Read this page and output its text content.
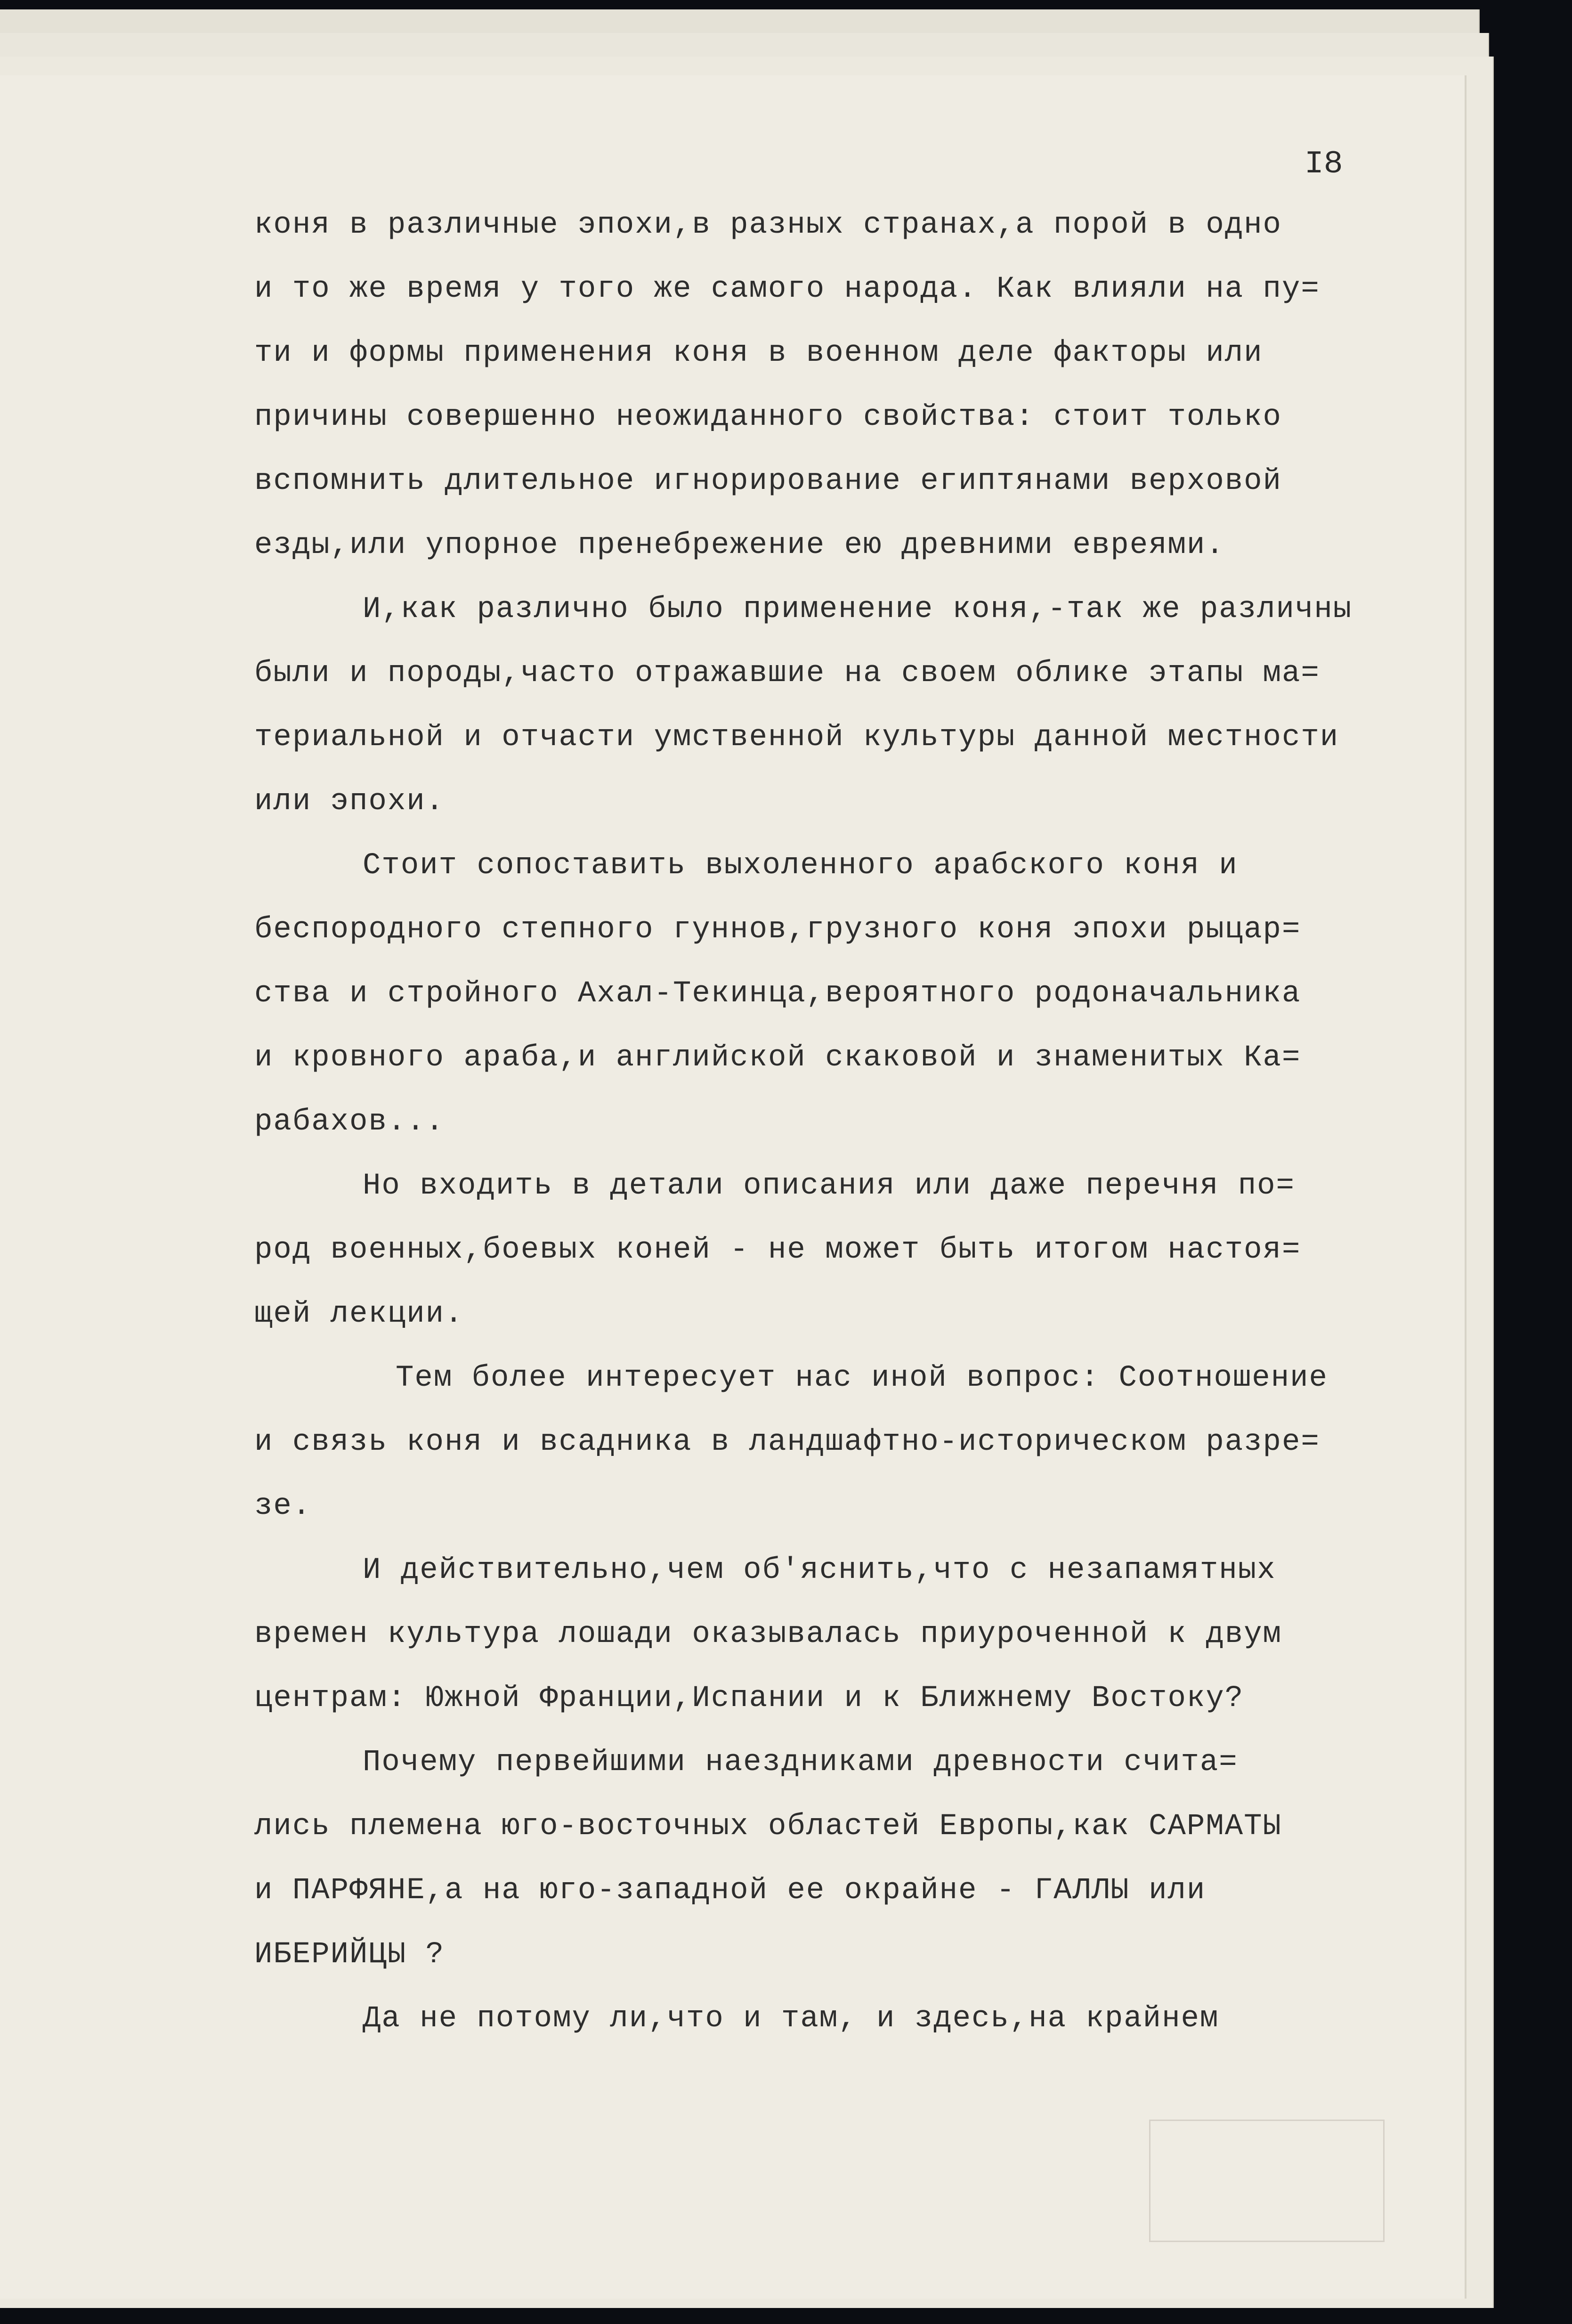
I8
коня в различные эпохи,в разных странах,а порой в одно
и то же время у того же самого народа. Как влияли на пу=
ти и формы применения коня в военном деле факторы или
причины совершенно неожиданного свойства: стоит только
вспомнить длительное игнорирование египтянами верховой
езды,или упорное пренебрежение ею древними евреями.
И,как различно было применение коня,-так же различны
были и породы,часто отражавшие на своем облике этапы ма=
териальной и отчасти умственной культуры данной местности
или эпохи.
Стоит сопоставить выхоленного арабского коня и
беспородного степного гуннов,грузного коня эпохи рыцар=
ства и стройного Ахал-Текинца,вероятного родоначальника
и кровного араба,и английской скаковой и знаменитых Ка=
рабахов...
Но входить в детали описания или даже перечня по=
род военных,боевых коней - не может быть итогом настоя=
щей лекции.
Тем более интересует нас иной вопрос: Соотношение
и связь коня и всадника в ландшафтно-историческом разре=
зе.
И действительно,чем об'яснить,что с незапамятных
времен культура лошади оказывалась приуроченной к двум
центрам: Южной Франции,Испании и к Ближнему Востоку?
Почему первейшими наездниками древности счита=
лись племена юго-восточных областей Европы,как САРМАТЫ
и ПАРФЯНЕ,а на юго-западной ее окрайне - ГАЛЛЫ или
ИБЕРИЙЦЫ ?
Да не потому ли,что и там, и здесь,на крайнем
